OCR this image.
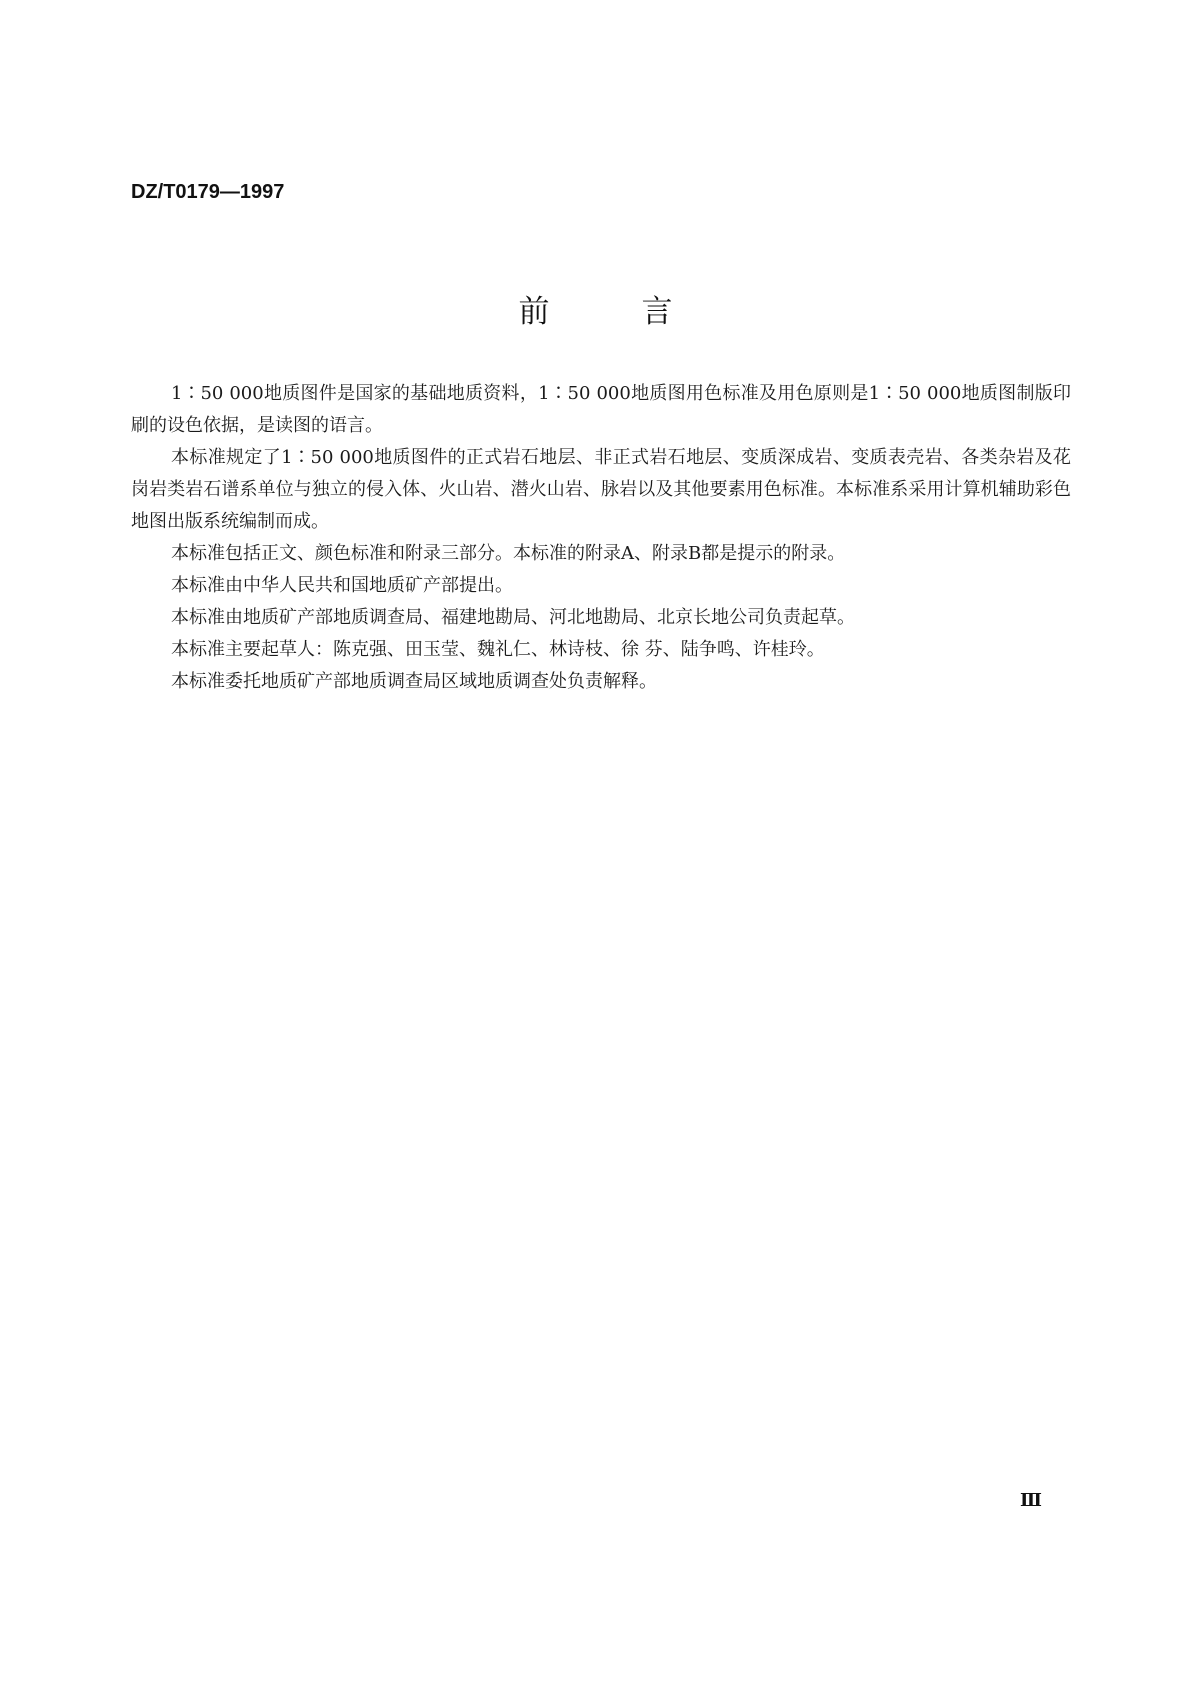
DZ/T0179—1997
前言

1∶50 000地质图件是国家的基础地质资料，1∶50 000地质图用色标准及用色原则是1∶50 000地质图制版印刷的设色依据，是读图的语言。

本标准规定了1∶50 000地质图件的正式岩石地层、非正式岩石地层、变质深成岩、变质表壳岩、各类杂岩及花岗岩类岩石谱系单位与独立的侵入体、火山岩、潜火山岩、脉岩以及其他要素用色标准。本标准系采用计算机辅助彩色地图出版系统编制而成。

本标准包括正文、颜色标准和附录三部分。本标准的附录A、附录B都是提示的附录。

本标准由中华人民共和国地质矿产部提出。

本标准由地质矿产部地质调查局、福建地勘局、河北地勘局、北京长地公司负责起草。

本标准主要起草人：陈克强、田玉莹、魏礼仁、林诗枝、徐 芬、陆争鸣、许桂玲。

本标准委托地质矿产部地质调查局区域地质调查处负责解释。

Ⅲ
